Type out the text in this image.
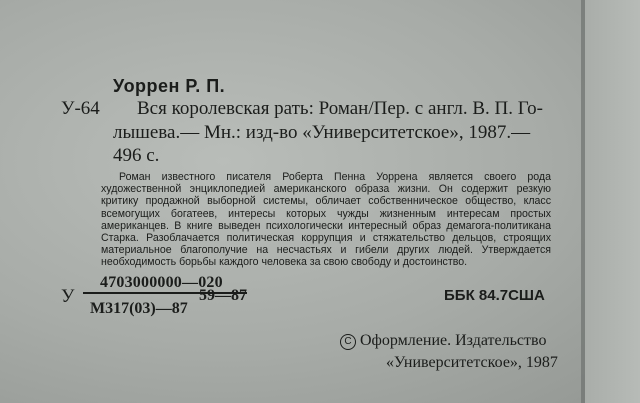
Уоррен Р. П.
У-64 Вся королевская рать: Роман/Пер. с англ. В. П. Го-
лышева.— Мн.: изд-во «Университетское», 1987.—
496 с.

Роман известного писателя Роберта Пенна Уоррена является своего рода художественной энциклопедией американского образа жизни. Он содержит резкую критику продажной выборной системы, обличает собственническое общество, класс всемогущих богатеев, интересы которых чужды жизненным интересам простых американцев. В книге выведен психологически интересный образ демагога-политикана Старка. Разоблачается политическая коррупция и стяжательство дельцов, строящих материальное благополучие на несчастьях и гибели других людей. Утверждается необходимость борьбы каждого человека за свою свободу и достоинство.

4703000000—020
У	59—87
М317(03)—87
ББК 84.7США
С Оформление. Издательство
«Университетское», 1987
